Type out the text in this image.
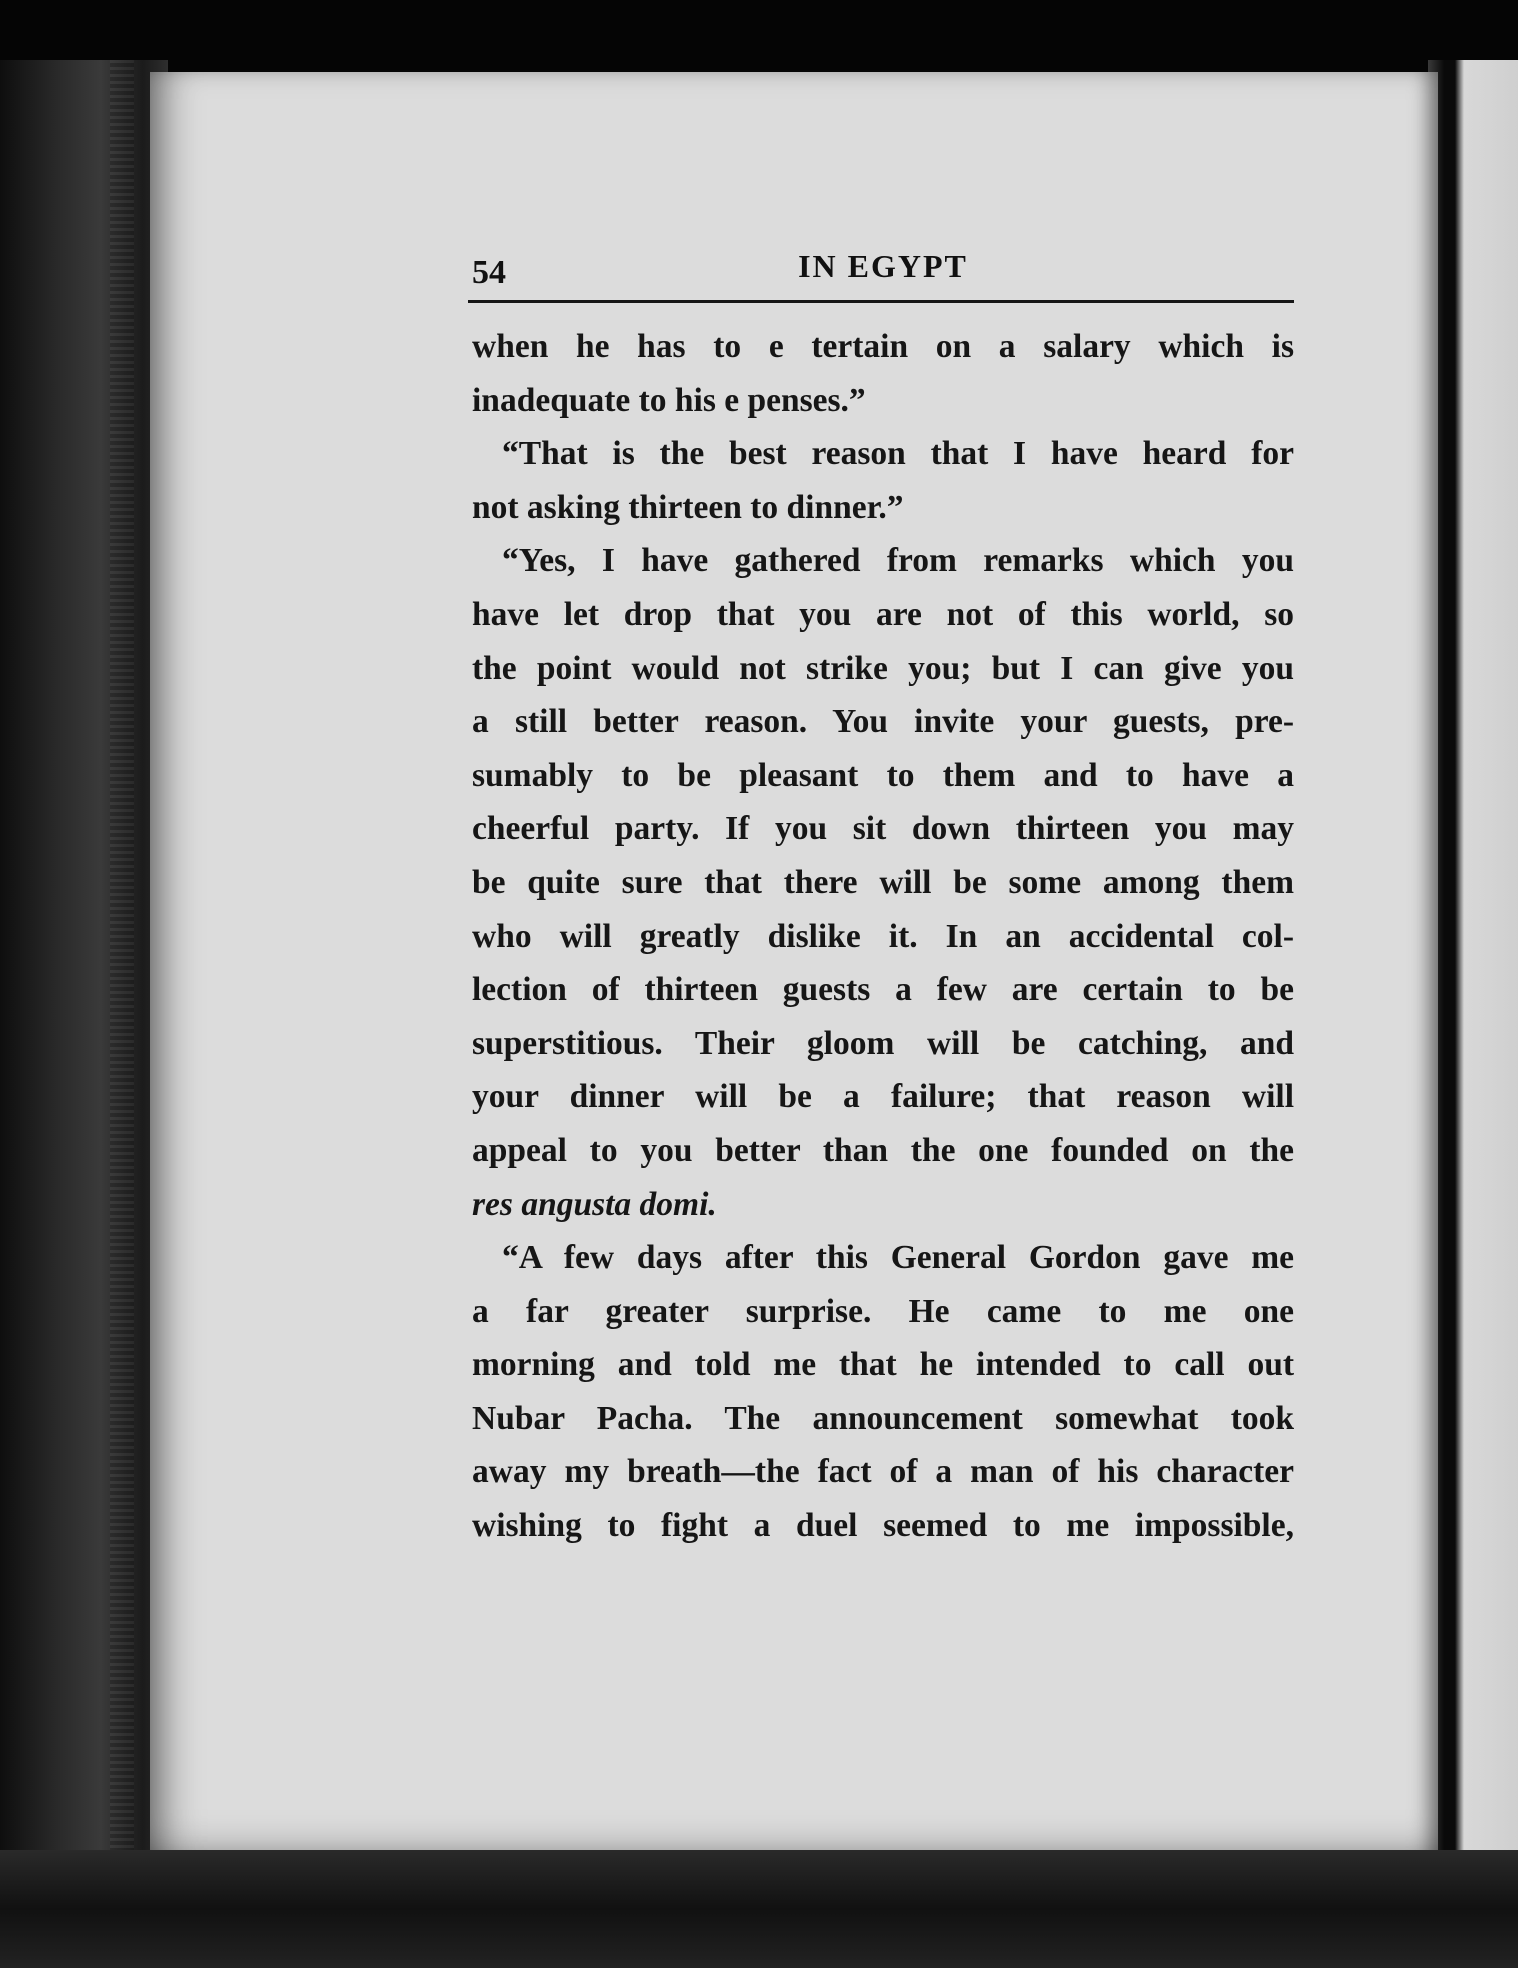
54	IN EGYPT
when he has to e tertain on a salary which is
inadequate to his e penses.”
“That is the best reason that I have heard for
not asking thirteen to dinner.”
“Yes, I have gathered from remarks which you
have let drop that you are not of this world, so
the point would not strike you; but I can give you
a still better reason. You invite your guests, pre-
sumably to be pleasant to them and to have a
cheerful party. If you sit down thirteen you may
be quite sure that there will be some among them
who will greatly dislike it. In an accidental col-
lection of thirteen guests a few are certain to be
superstitious. Their gloom will be catching, and
your dinner will be a failure; that reason will
appeal to you better than the one founded on the
res angusta domi.
“A few days after this General Gordon gave me
a far greater surprise. He came to me one
morning and told me that he intended to call out
Nubar Pacha. The announcement somewhat took
away my breath—the fact of a man of his character
wishing to fight a duel seemed to me impossible,
